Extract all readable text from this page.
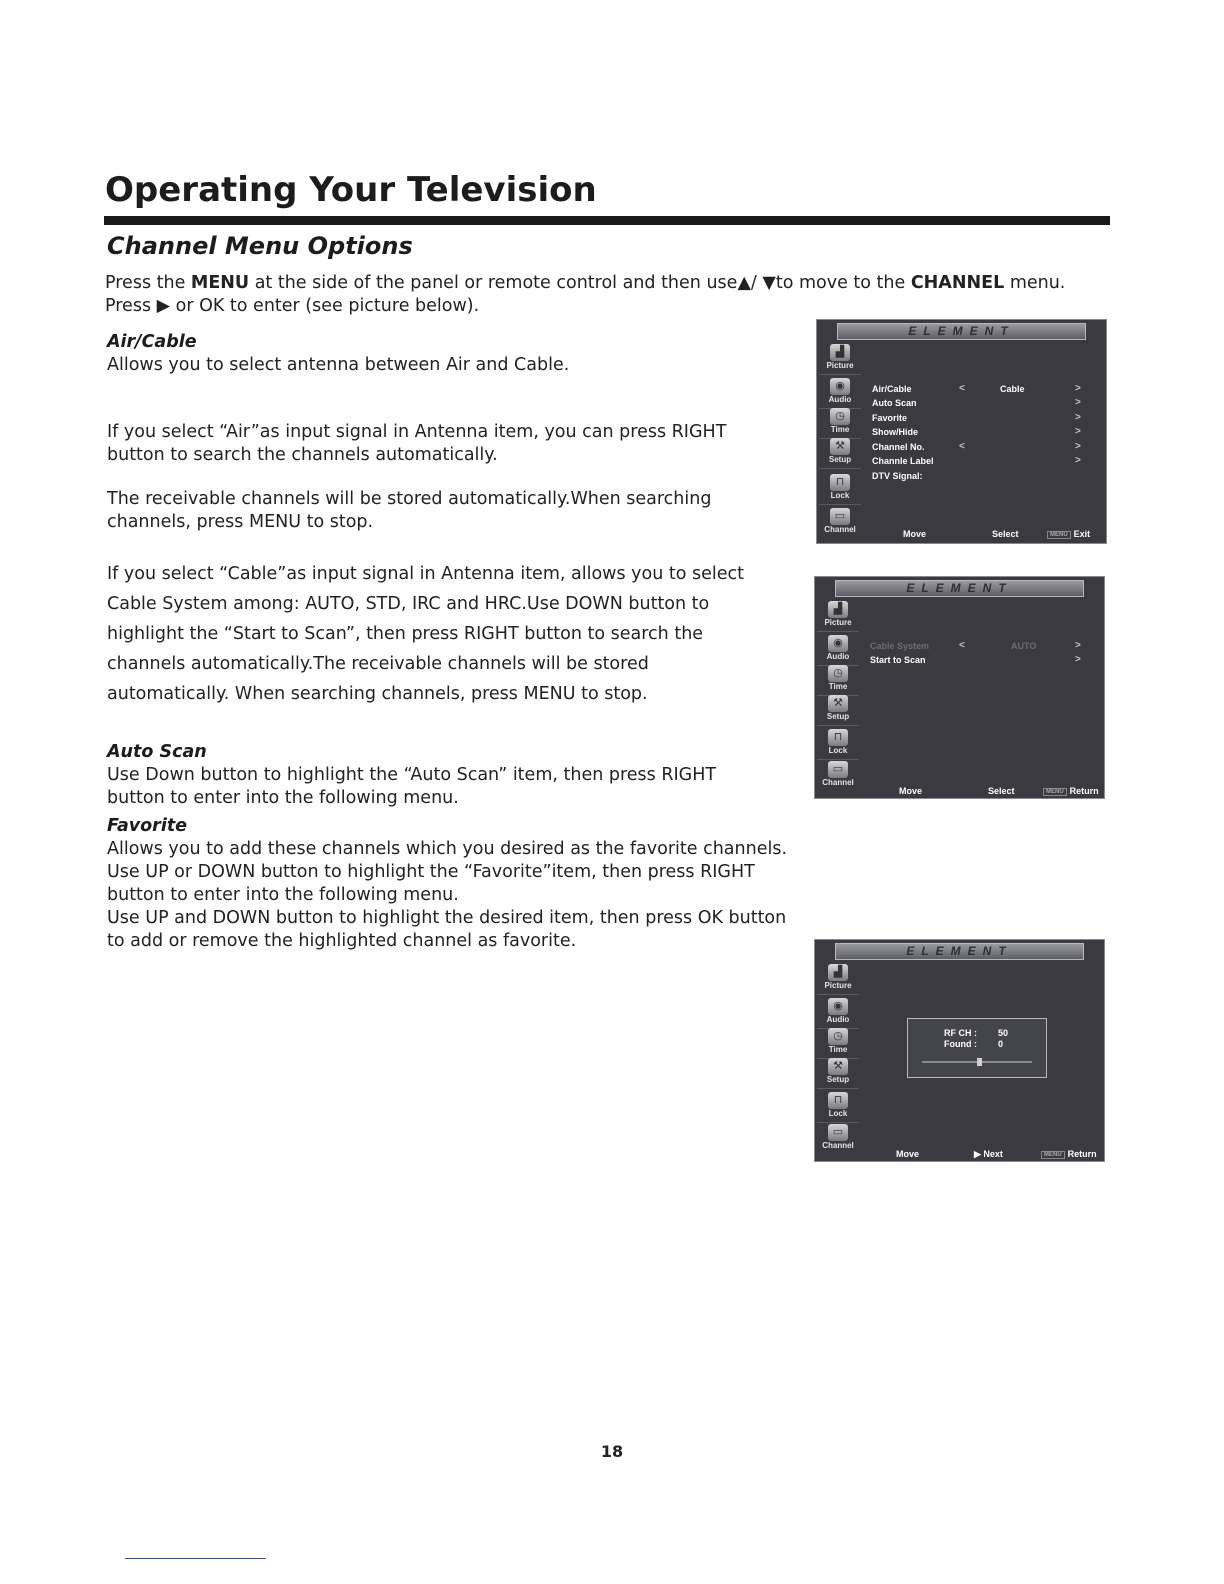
Operating Your Television
Channel Menu Options
Press the MENU at the side of the panel or remote control and then use▲/ ▼to move to the CHANNEL menu.
Press ▶ or OK to enter (see picture below).
Air/Cable
Allows you to select antenna between Air and Cable.
If you select “Air”as input signal in Antenna item, you can press RIGHT
button to search the channels automatically.
The receivable channels will be stored automatically.When searching
channels, press MENU to stop.
If you select “Cable”as input signal in Antenna item, allows you to select
Cable System among: AUTO, STD, IRC and HRC.Use DOWN button to
highlight the “Start to Scan”, then press RIGHT button to search the
channels automatically.The receivable channels will be stored
automatically. When searching channels, press MENU to stop.
Auto Scan
Use Down button to highlight the “Auto Scan” item, then press RIGHT
button to enter into the following menu.
Favorite
Allows you to add these channels which you desired as the favorite channels.
Use UP or DOWN button to highlight the “Favorite”item, then press RIGHT
button to enter into the following menu.
Use UP and DOWN button to highlight the desired item, then press OK button
to add or remove the highlighted channel as favorite.
ELEMENT
▟
Picture
◉
Audio
◷
Time
⚒
Setup
⊓
Lock
▭
Channel
Air/Cable	<	Cable	>
Auto Scan	>
Favorite	>
Show/Hide	>
Channel No.	<	>
Channle Label	>
DTV Signal:
Move	Select	MENU Exit
ELEMENT
▟
Picture
◉
Audio
◷
Time
⚒
Setup
⊓
Lock
▭
Channel
Cable System	<	AUTO	>
Start to Scan	>
Move	Select	MENU Return
ELEMENT
▟
Picture
◉
Audio
◷
Time
⚒
Setup
⊓
Lock
▭
Channel
RF CH : 50
Found : 0
Move	▶ Next	MENU Return
18
